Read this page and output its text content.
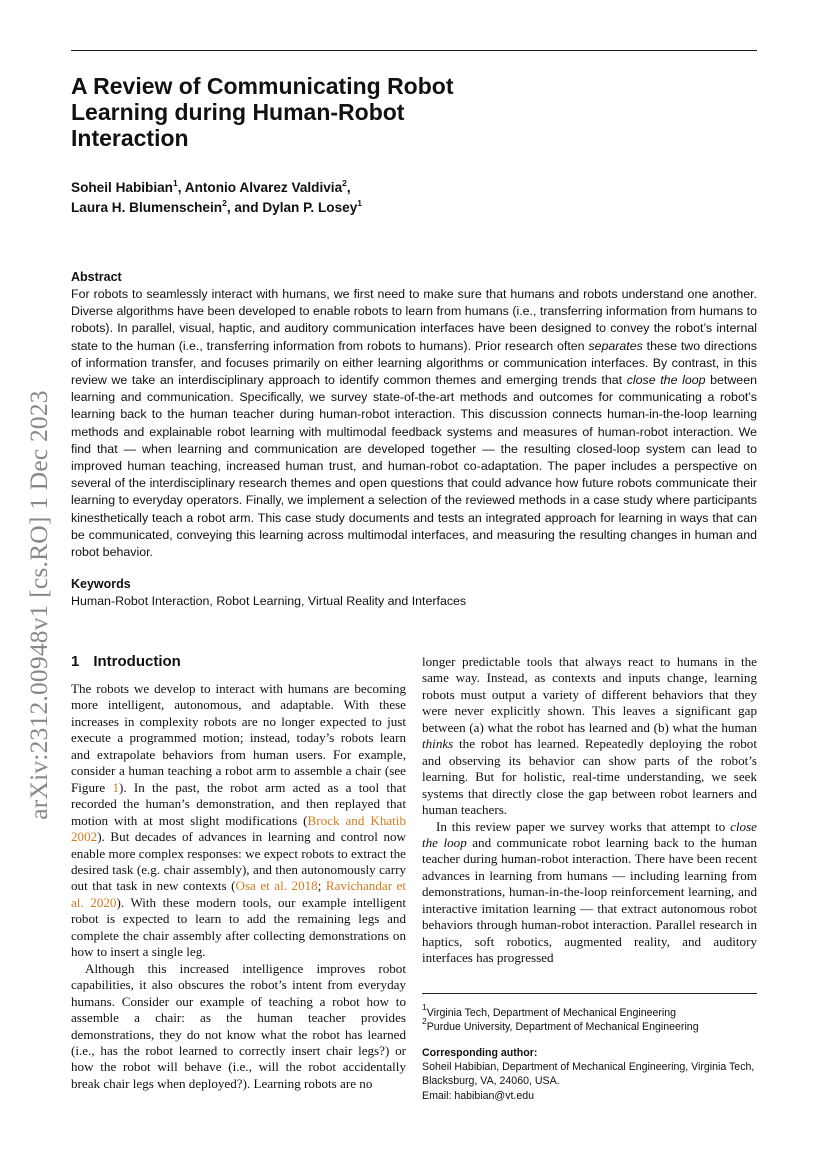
A Review of Communicating Robot Learning during Human-Robot Interaction
Soheil Habibian$^1$, Antonio Alvarez Valdivia$^2$,
Laura H. Blumenschein$^2$, and Dylan P. Losey$^1$
Abstract
For robots to seamlessly interact with humans, we first need to make sure that humans and robots understand one another. Diverse algorithms have been developed to enable robots to learn from humans (i.e., transferring information from humans to robots). In parallel, visual, haptic, and auditory communication interfaces have been designed to convey the robot’s internal state to the human (i.e., transferring information from robots to humans). Prior research often separates these two directions of information transfer, and focuses primarily on either learning algorithms or communication interfaces. By contrast, in this review we take an interdisciplinary approach to identify common themes and emerging trends that close the loop between learning and communication. Specifically, we survey state-of-the-art methods and outcomes for communicating a robot’s learning back to the human teacher during human-robot interaction. This discussion connects human-in-the-loop learning methods and explainable robot learning with multimodal feedback systems and measures of human-robot interaction. We find that — when learning and communication are developed together — the resulting closed-loop system can lead to improved human teaching, increased human trust, and human-robot co-adaptation. The paper includes a perspective on several of the interdisciplinary research themes and open questions that could advance how future robots communicate their learning to everyday operators. Finally, we implement a selection of the reviewed methods in a case study where participants kinesthetically teach a robot arm. This case study documents and tests an integrated approach for learning in ways that can be communicated, conveying this learning across multimodal interfaces, and measuring the resulting changes in human and robot behavior.
Keywords
Human-Robot Interaction, Robot Learning, Virtual Reality and Interfaces
arXiv:2312.00948v1 [cs.RO] 1 Dec 2023 1 Introduction

The robots we develop to interact with humans are becoming more intelligent, autonomous, and adaptable. With these increases in complexity robots are no longer expected to just execute a programmed motion; instead, today’s robots learn and extrapolate behaviors from human users. For example, consider a human teaching a robot arm to assemble a chair (see Figure 1). In the past, the robot arm acted as a tool that recorded the human’s demonstration, and then replayed that motion with at most slight modifications (Brock and Khatib 2002). But decades of advances in learning and control now enable more complex responses: we expect robots to extract the desired task (e.g. chair assembly), and then autonomously carry out that task in new contexts (Osa et al. 2018; Ravichandar et al. 2020). With these modern tools, our example intelligent robot is expected to learn to add the remaining legs and complete the chair assembly after collecting demonstrations on how to insert a single leg.

Although this increased intelligence improves robot capabilities, it also obscures the robot’s intent from everyday humans. Consider our example of teaching a robot how to assemble a chair: as the human teacher provides demonstrations, they do not know what the robot has learned (i.e., has the robot learned to correctly insert chair legs?) or how the robot will behave (i.e., will the robot accidentally break chair legs when deployed?). Learning robots are no

longer predictable tools that always react to humans in the same way. Instead, as contexts and inputs change, learning robots must output a variety of different behaviors that they were never explicitly shown. This leaves a significant gap between (a) what the robot has learned and (b) what the human thinks the robot has learned. Repeatedly deploying the robot and observing its behavior can show parts of the robot’s learning. But for holistic, real-time understanding, we seek systems that directly close the gap between robot learners and human teachers.

In this review paper we survey works that attempt to close the loop and communicate robot learning back to the human teacher during human-robot interaction. There have been recent advances in learning from humans — including learning from demonstrations, human-in-the-loop reinforcement learning, and interactive imitation learning — that extract autonomous robot behaviors through human-robot interaction. Parallel research in haptics, soft robotics, augmented reality, and auditory interfaces has progressed

$^1$Virginia Tech, Department of Mechanical Engineering

$^2$Purdue University, Department of Mechanical Engineering

Corresponding author:
Soheil Habibian, Department of Mechanical Engineering, Virginia Tech, Blacksburg, VA, 24060, USA.
Email: habibian@vt.edu
